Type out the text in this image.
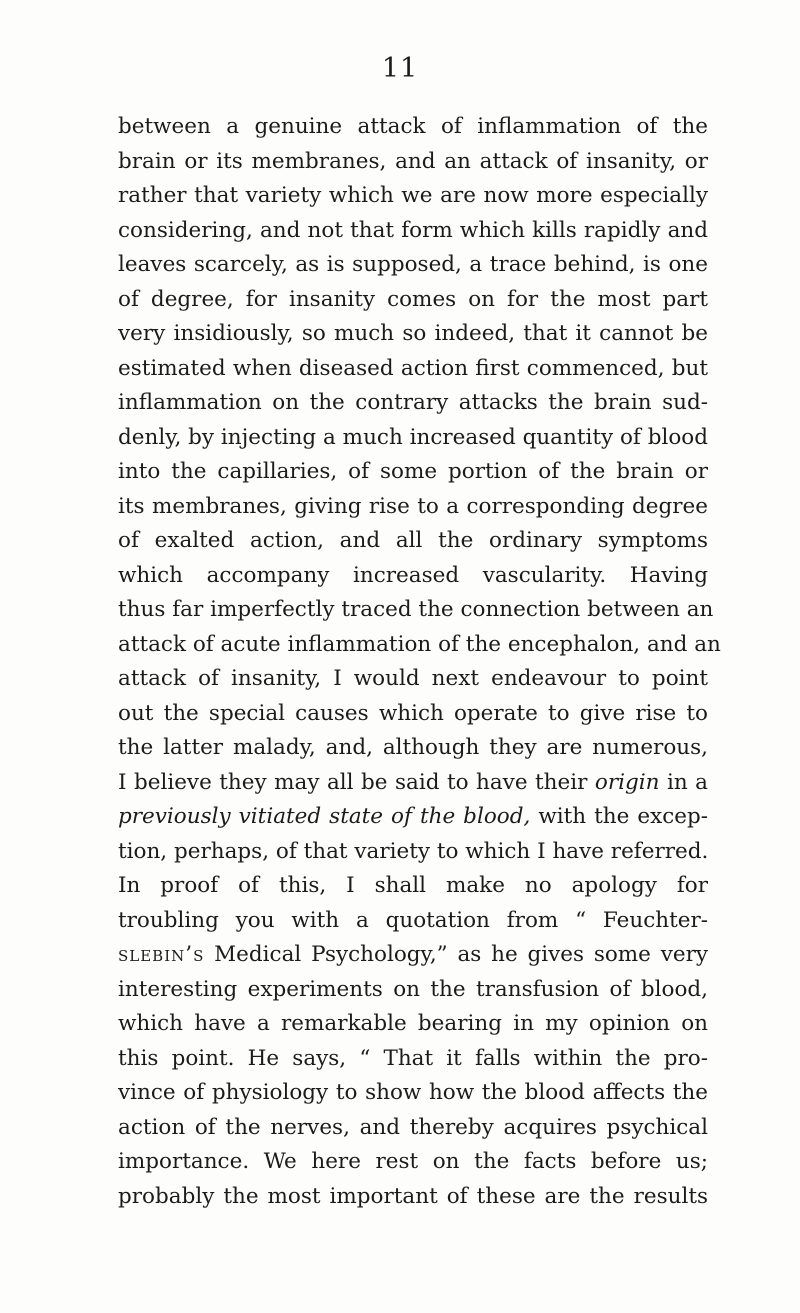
11
between a genuine attack of inflammation of the
brain or its membranes, and an attack of insanity, or
rather that variety which we are now more especially
considering, and not that form which kills rapidly and
leaves scarcely, as is supposed, a trace behind, is one
of degree, for insanity comes on for the most part
very insidiously, so much so indeed, that it cannot be
estimated when diseased action first commenced, but
inflammation on the contrary attacks the brain sud-
denly, by injecting a much increased quantity of blood
into the capillaries, of some portion of the brain or
its membranes, giving rise to a corresponding degree
of exalted action, and all the ordinary symptoms
which accompany increased vascularity. Having
thus far imperfectly traced the connection between an
attack of acute inflammation of the encephalon, and an
attack of insanity, I would next endeavour to point
out the special causes which operate to give rise to
the latter malady, and, although they are numerous,
I believe they may all be said to have their origin in a
previously vitiated state of the blood, with the excep-
tion, perhaps, of that variety to which I have referred.
In proof of this, I shall make no apology for
troubling you with a quotation from “ Feuchter-
slebin’s Medical Psychology,” as he gives some very
interesting experiments on the transfusion of blood,
which have a remarkable bearing in my opinion on
this point. He says, “ That it falls within the pro-
vince of physiology to show how the blood affects the
action of the nerves, and thereby acquires psychical
importance. We here rest on the facts before us;
probably the most important of these are the results
